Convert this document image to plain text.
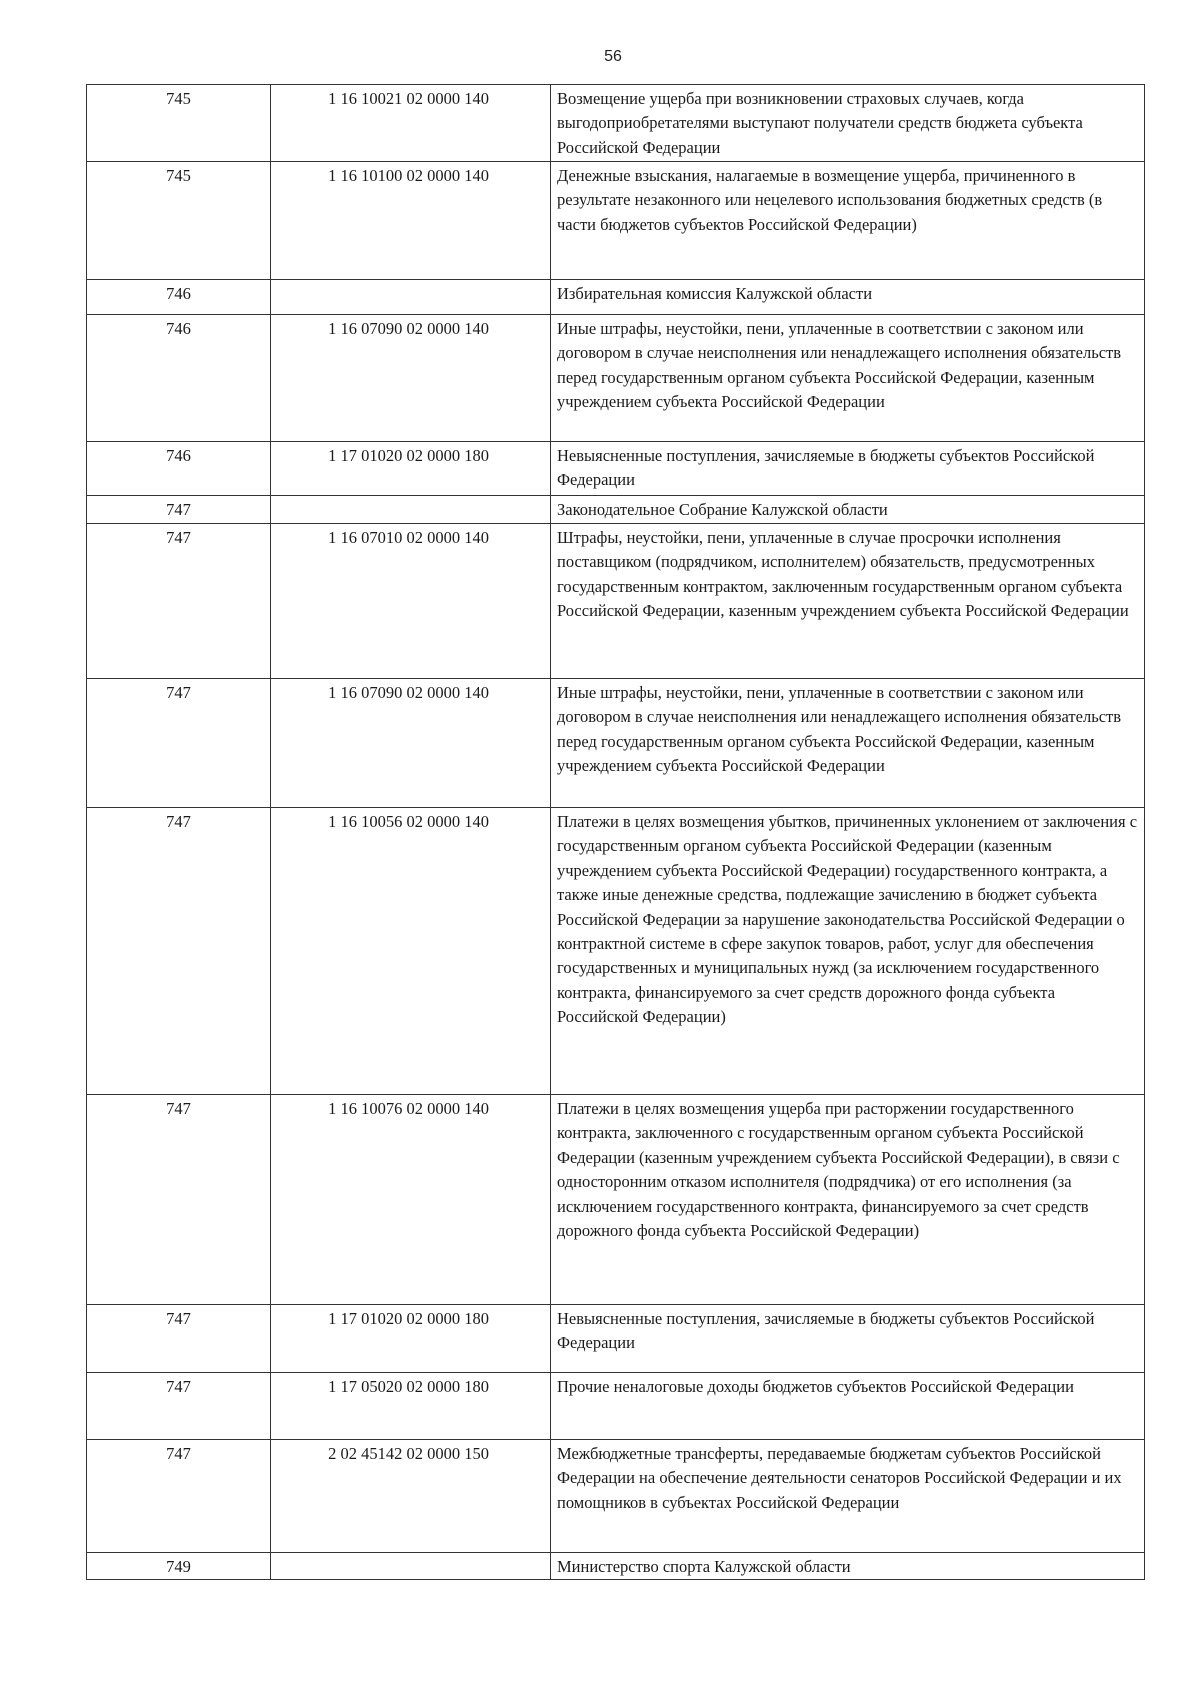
56
745	1 16 10021 02 0000 140	Возмещение ущерба при возникновении страховых случаев, когда выгодоприобретателями выступают получатели средств бюджета субъекта Российской Федерации
745	1 16 10100 02 0000 140	Денежные взыскания, налагаемые в возмещение ущерба, причиненного в результате незаконного или нецелевого использования бюджетных средств (в части бюджетов субъектов Российской Федерации)
746		Избирательная комиссия Калужской области
746	1 16 07090 02 0000 140	Иные штрафы, неустойки, пени, уплаченные в соответствии с законом или договором в случае неисполнения или ненадлежащего исполнения обязательств перед государственным органом субъекта Российской Федерации, казенным учреждением субъекта Российской Федерации
746	1 17 01020 02 0000 180	Невыясненные поступления, зачисляемые в бюджеты субъектов Российской Федерации
747		Законодательное Собрание Калужской области
747	1 16 07010 02 0000 140	Штрафы, неустойки, пени, уплаченные в случае просрочки исполнения поставщиком (подрядчиком, исполнителем) обязательств, предусмотренных государственным контрактом, заключенным государственным органом субъекта Российской Федерации, казенным учреждением субъекта Российской Федерации
747	1 16 07090 02 0000 140	Иные штрафы, неустойки, пени, уплаченные в соответствии с законом или договором в случае неисполнения или ненадлежащего исполнения обязательств перед государственным органом субъекта Российской Федерации, казенным учреждением субъекта Российской Федерации
747	1 16 10056 02 0000 140	Платежи в целях возмещения убытков, причиненных уклонением от заключения с государственным органом субъекта Российской Федерации (казенным учреждением субъекта Российской Федерации) государственного контракта, а также иные денежные средства, подлежащие зачислению в бюджет субъекта Российской Федерации за нарушение законодательства Российской Федерации о контрактной системе в сфере закупок товаров, работ, услуг для обеспечения государственных и муниципальных нужд (за исключением государственного контракта, финансируемого за счет средств дорожного фонда субъекта Российской Федерации)
747	1 16 10076 02 0000 140	Платежи в целях возмещения ущерба при расторжении государственного контракта, заключенного с государственным органом субъекта Российской Федерации (казенным учреждением субъекта Российской Федерации), в связи с односторонним отказом исполнителя (подрядчика) от его исполнения (за исключением государственного контракта, финансируемого за счет средств дорожного фонда субъекта Российской Федерации)
747	1 17 01020 02 0000 180	Невыясненные поступления, зачисляемые в бюджеты субъектов Российской Федерации
747	1 17 05020 02 0000 180	Прочие неналоговые доходы бюджетов субъектов Российской Федерации
747	2 02 45142 02 0000 150	Межбюджетные трансферты, передаваемые бюджетам субъектов Российской Федерации на обеспечение деятельности сенаторов Российской Федерации и их помощников в субъектах Российской Федерации
749		Министерство спорта Калужской области
